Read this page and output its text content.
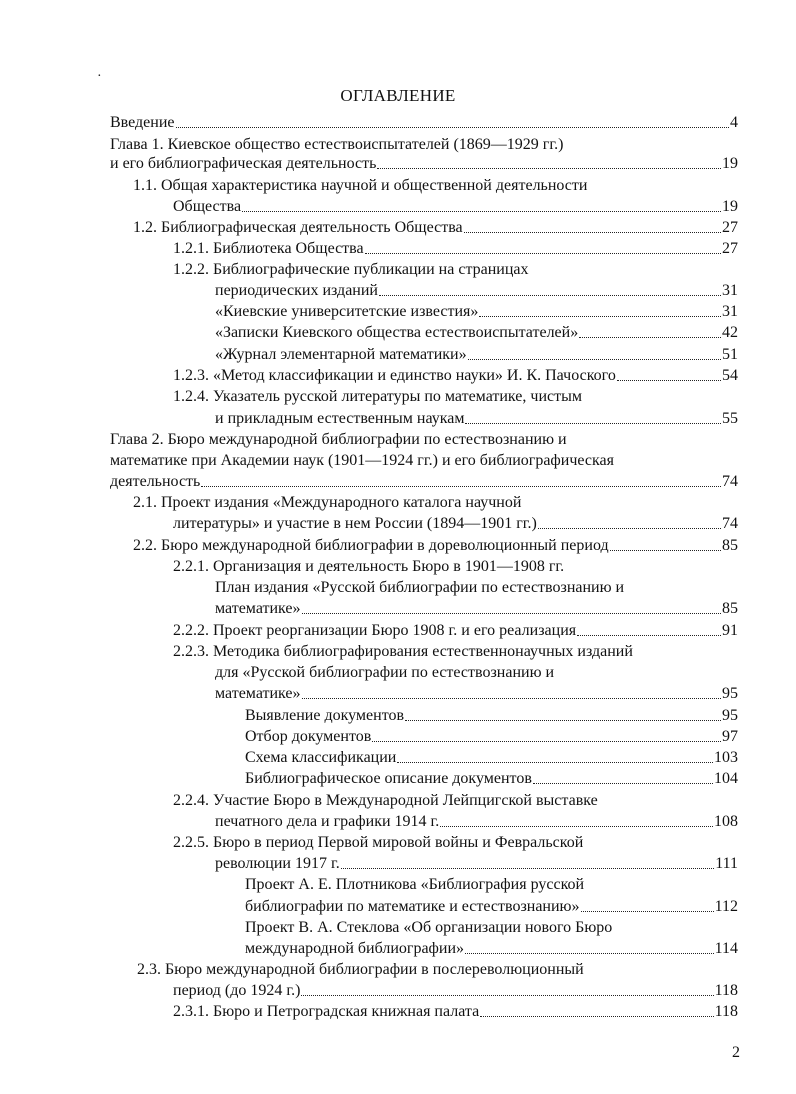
·
ОГЛАВЛЕНИЕ
Введение	4
Глава 1. Киевское общество естествоиспытателей (1869—1929 гг.)
и его библиографическая деятельность	19
1.1. Общая характеристика научной и общественной деятельности
Общества	19
1.2. Библиографическая деятельность Общества	27
1.2.1. Библиотека Общества	27
1.2.2. Библиографические публикации на страницах
периодических изданий	31
«Киевские университетские известия»	31
«Записки Киевского общества естествоиспытателей»	42
«Журнал элементарной математики»	51
1.2.3. «Метод классификации и единство науки» И. К. Пачоского	54
1.2.4. Указатель русской литературы по математике, чистым
и прикладным естественным наукам	55
Глава 2. Бюро международной библиографии по естествознанию и
математике при Академии наук (1901—1924 гг.) и его библиографическая
деятельность	74
2.1. Проект издания «Международного каталога научной
литературы» и участие в нем России (1894—1901 гг.)	74
2.2. Бюро международной библиографии в дореволюционный период	85
2.2.1. Организация и деятельность Бюро в 1901—1908 гг.
План издания «Русской библиографии по естествознанию и
математике»	85
2.2.2. Проект реорганизации Бюро 1908 г. и его реализация	91
2.2.3. Методика библиографирования естественнонаучных изданий
для «Русской библиографии по естествознанию и
математике»	95
Выявление документов	95
Отбор документов	97
Схема классификации	103
Библиографическое описание документов	104
2.2.4. Участие Бюро в Международной Лейпцигской выставке
печатного дела и графики 1914 г.	108
2.2.5. Бюро в период Первой мировой войны и Февральской
революции 1917 г.	111
Проект А. Е. Плотникова «Библиография русской
библиографии по математике и естествознанию»	112
Проект В. А. Стеклова «Об организации нового Бюро
международной библиографии»	114
2.3. Бюро международной библиографии в послереволюционный
период (до 1924 г.)	118
2.3.1. Бюро и Петроградская книжная палата	118
2
